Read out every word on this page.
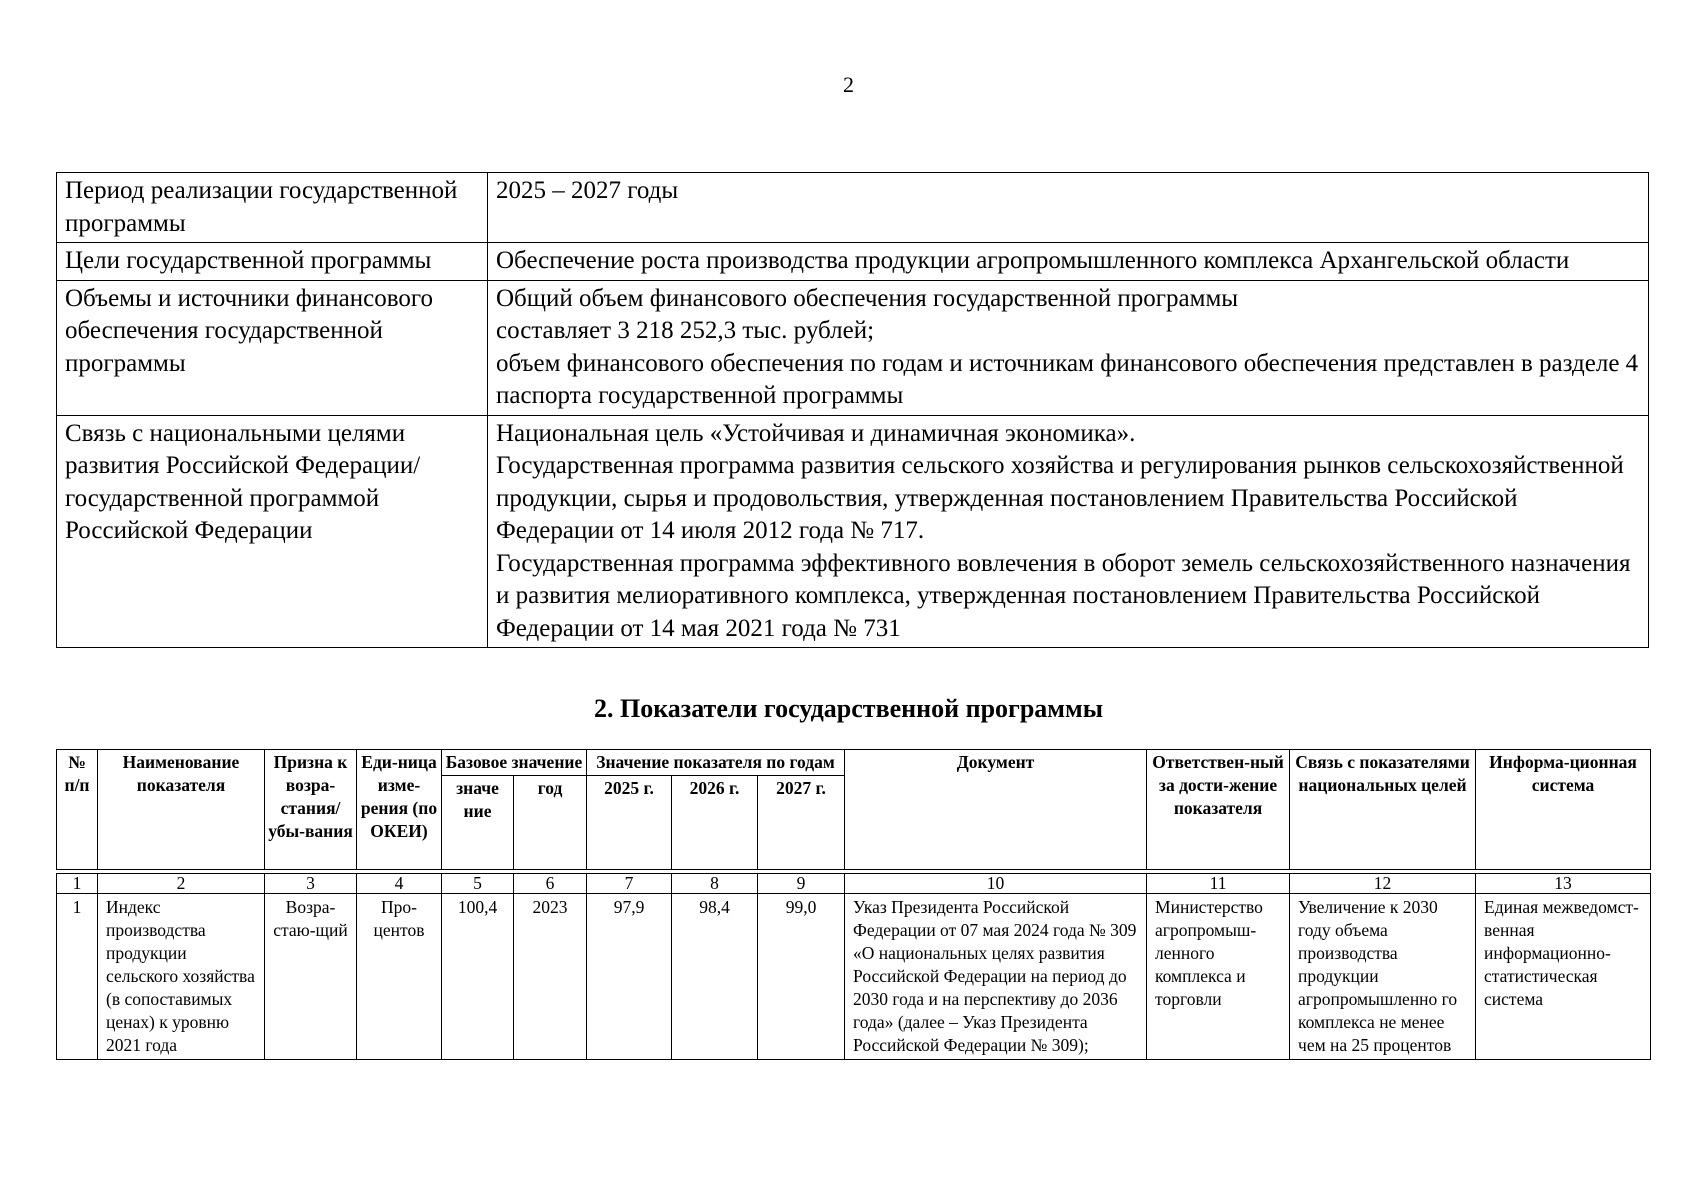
2
Период реализации государственной программы	2025 – 2027 годы
Цели государственной программы	Обеспечение роста производства продукции агропромышленного комплекса Архангельской области
Объемы и источники финансового обеспечения государственной программы	Общий объем финансового обеспечения государственной программы
составляет 3 218 252,3 тыс. рублей;
объем финансового обеспечения по годам и источникам финансового обеспечения представлен в разделе 4 паспорта государственной программы

Связь с национальными целями развития Российской Федерации/государственной программой Российской Федерации	Национальная цель «Устойчивая и динамичная экономика».
Государственная программа развития сельского хозяйства и регулирования рынков сельскохозяйственной продукции, сырья и продовольствия, утвержденная постановлением Правительства Российской Федерации от 14 июля 2012 года № 717.
Государственная программа эффективного вовлечения в оборот земель сельскохозяйственного назначения и развития мелиоративного комплекса, утвержденная постановлением Правительства Российской Федерации от 14 мая 2021 года № 731
2. Показатели государственной программы
№ п/п	Наименование показателя	Призна к возра-стания/ убы-вания	Еди-ница изме-рения (по ОКЕИ)	Базовое значение		Значение показателя по годам			Документ	Ответствен-ный за дости-жение показателя	Связь с показателями национальных целей	Информа-ционная система
				значе ние	год	2025 г.	2026 г.	2027 г.				

1	2	3	4	5	6	7	8	9	10	11	12	13
1	Индекс производства продукции сельского хозяйства (в сопоставимых ценах) к уровню 2021 года	Возра-стаю-щий	Про-центов	100,4	2023	97,9	98,4	99,0	Указ Президента Российской Федерации от 07 мая 2024 года № 309 «О национальных целях развития Российской Федерации на период до 2030 года и на перспективу до 2036 года» (далее – Указ Президента Российской Федерации № 309);	Министерство агропромыш-ленного комплекса и торговли	Увеличение к 2030 году объема производства продукции агропромышленно го комплекса не менее чем на 25 процентов	Единая межведомст-венная информационно-статистическая система
